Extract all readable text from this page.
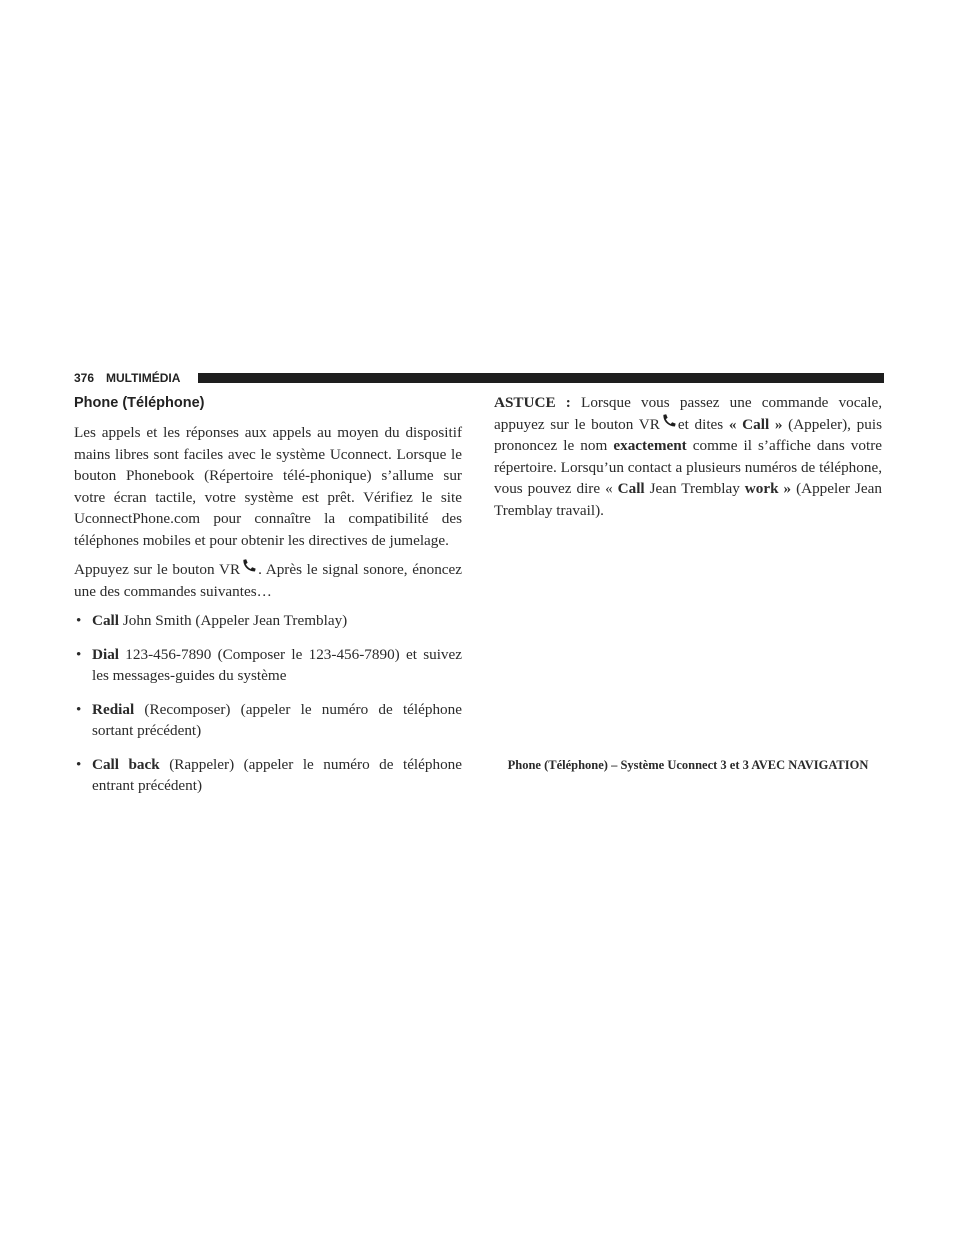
376 MULTIMÉDIA
Phone (Téléphone)

Les appels et les réponses aux appels au moyen du dispositif mains libres sont faciles avec le système Uconnect. Lorsque le bouton Phonebook (Répertoire télé-phonique) s’allume sur votre écran tactile, votre système est prêt. Vérifiez le site UconnectPhone.com pour connaître la compatibilité des téléphones mobiles et pour obtenir les directives de jumelage.

Appuyez sur le bouton VR . Après le signal sonore, énoncez une des commandes suivantes…

• Call John Smith (Appeler Jean Tremblay)
• Dial 123-456-7890 (Composer le 123-456-7890) et suivez les messages-guides du système
• Redial (Recomposer) (appeler le numéro de téléphone sortant précédent)
• Call back (Rappeler) (appeler le numéro de téléphone entrant précédent)

ASTUCE : Lorsque vous passez une commande vocale, appuyez sur le bouton VR et dites « Call » (Appeler), puis prononcez le nom exactement comme il s’affiche dans votre répertoire. Lorsqu’un contact a plusieurs numéros de téléphone, vous pouvez dire « Call Jean Tremblay work » (Appeler Jean Tremblay travail).

Phone (Téléphone) – Système Uconnect 3 et 3 AVEC NAVIGATION
